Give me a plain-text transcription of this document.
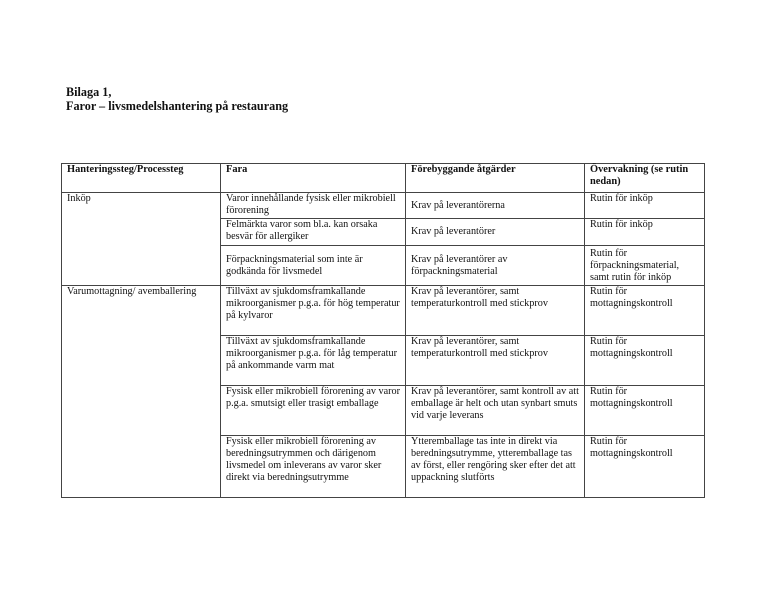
Bilaga 1,
Faror – livsmedelshantering på restaurang
Hanteringssteg/Processteg	Fara	Förebyggande åtgärder	Övervakning (se rutin nedan)
Inköp	Varor innehållande fysisk eller mikrobiell förorening	Krav på leverantörerna	Rutin för inköp
	Felmärkta varor som bl.a. kan orsaka besvär för allergiker	Krav på leverantörer	Rutin för inköp
	Förpackningsmaterial som inte är godkända för livsmedel	Krav på leverantörer av förpackningsmaterial	Rutin för förpackningsmaterial, samt rutin för inköp
Varumottagning/ avemballering	Tillväxt av sjukdomsframkallande mikroorganismer p.g.a. för hög temperatur på kylvaror	Krav på leverantörer, samt temperaturkontroll med stickprov	Rutin för mottagningskontroll
	Tillväxt av sjukdomsframkallande mikroorganismer p.g.a. för låg temperatur på ankommande varm mat	Krav på leverantörer, samt temperaturkontroll med stickprov	Rutin för mottagningskontroll
	Fysisk eller mikrobiell förorening av varor p.g.a. smutsigt eller trasigt emballage	Krav på leverantörer, samt kontroll av att emballage är helt och utan synbart smuts vid varje leverans	Rutin för mottagningskontroll
	Fysisk eller mikrobiell förorening av beredningsutrymmen och därigenom livsmedel om inleverans av varor sker direkt via beredningsutrymme	Ytteremballage tas inte in direkt via beredningsutrymme, ytteremballage tas av först, eller rengöring sker efter det att uppackning slutförts	Rutin för mottagningskontroll
